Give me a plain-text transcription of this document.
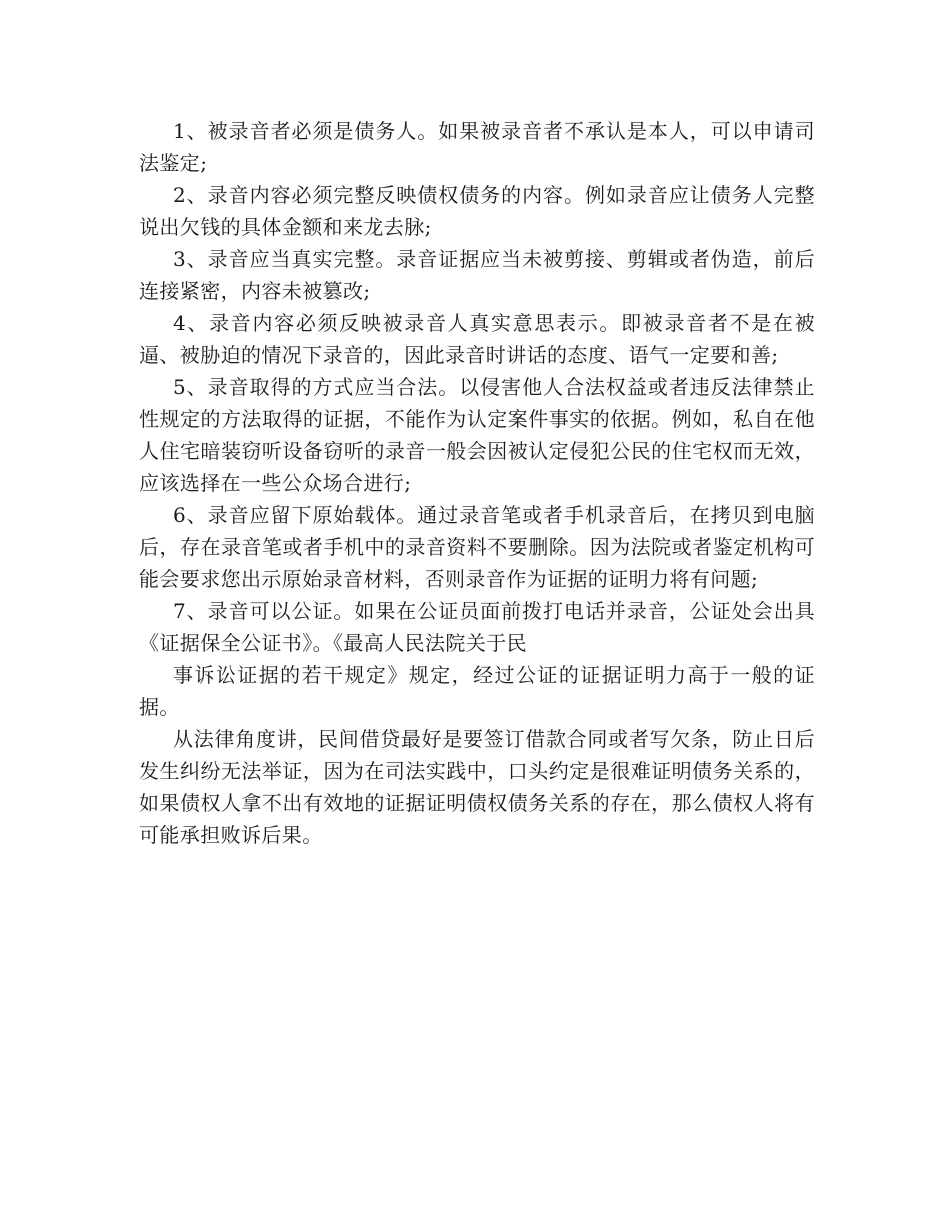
1、被录音者必须是债务人。如果被录音者不承认是本人，可以申请司法鉴定;

2、录音内容必须完整反映债权债务的内容。例如录音应让债务人完整说出欠钱的具体金额和来龙去脉;

3、录音应当真实完整。录音证据应当未被剪接、剪辑或者伪造，前后连接紧密，内容未被篡改;

4、录音内容必须反映被录音人真实意思表示。即被录音者不是在被逼、被胁迫的情况下录音的，因此录音时讲话的态度、语气一定要和善;

5、录音取得的方式应当合法。以侵害他人合法权益或者违反法律禁止性规定的方法取得的证据，不能作为认定案件事实的依据。例如，私自在他人住宅暗装窃听设备窃听的录音一般会因被认定侵犯公民的住宅权而无效，应该选择在一些公众场合进行;

6、录音应留下原始载体。通过录音笔或者手机录音后，在拷贝到电脑后，存在录音笔或者手机中的录音资料不要删除。因为法院或者鉴定机构可能会要求您出示原始录音材料，否则录音作为证据的证明力将有问题;

7、录音可以公证。如果在公证员面前拨打电话并录音，公证处会出具《证据保全公证书》。《最高人民法院关于民

事诉讼证据的若干规定》规定，经过公证的证据证明力高于一般的证据。

从法律角度讲，民间借贷最好是要签订借款合同或者写欠条，防止日后发生纠纷无法举证，因为在司法实践中，口头约定是很难证明债务关系的，如果债权人拿不出有效地的证据证明债权债务关系的存在，那么债权人将有可能承担败诉后果。
